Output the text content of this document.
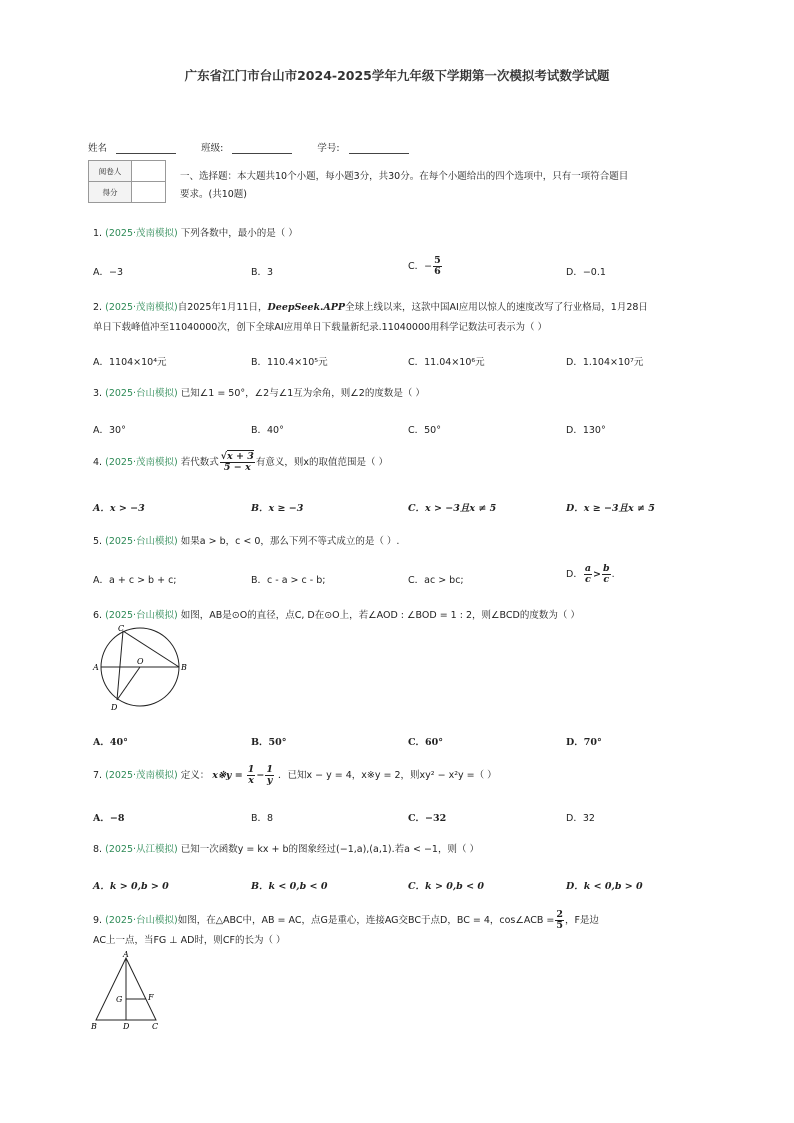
广东省江门市台山市2024-2025学年九年级下学期第一次模拟考试数学试题
姓名	班级:	学号:
阅卷人	
得分	
一、选择题：本大题共10个小题，每小题3分，共30分。在每个小题给出的四个选项中，只有一项符合题目要求。(共10题)
1. (2025·茂南模拟) 下列各数中，最小的是（ ）
A．−3	B．3
C．− $\frac{5}{6}$	D．−0.1
2. (2025·茂南模拟)自2025年1月11日，DeepSeek.APP全球上线以来，这款中国AI应用以惊人的速度改写了行业格局，1月28日
单日下载峰值冲至11040000次，创下全球AI应用单日下载量新纪录.11040000用科学记数法可表示为（ ）
A．1104×10⁴元	B．110.4×10⁵元	C．11.04×10⁶元	D．1.104×10⁷元
3. (2025·台山模拟) 已知∠1 = 50°，∠2与∠1互为余角，则∠2的度数是（ ）
A．30°	B．40°	C．50°	D．130°
4. (2025·茂南模拟) 若代数式 $\frac{√x + 3}{5 - x}$ 有意义，则x的取值范围是（ ）
A．x > −3	B．x ≥ −3	C．x > −3且x ≠ 5	D．x ≥ −3且x ≠ 5
5. (2025·台山模拟) 如果a > b，c < 0，那么下列不等式成立的是（ ）.
A．a + c > b + c;	B．c - a > c - b;	C．ac > bc;
D． $\frac{a}{c} > \frac{b}{c}$ .
6. (2025·台山模拟) 如图，AB是⊙O的直径，点C, D在⊙O上，若∠AOD : ∠BOD = 1 : 2，则∠BCD的度数为（ ）
C
A	B
O
D
A．40°	B．50°	C．60°	D．70°
7. (2025·茂南模拟) 定义： x※y = $\frac{1}{x} - \frac{1}{y}$ ．已知x − y = 4，x※y = 2，则xy² − x²y =（ ）
A．−8	B．8	C．−32	D．32
8. (2025·从江模拟) 已知一次函数y = kx + b的图象经过(−1,a),(a,1).若a < −1，则（ ）
A．k > 0,b > 0	B．k < 0,b < 0	C．k > 0,b < 0	D．k < 0,b > 0
9. (2025·台山模拟)如图，在△ABC中，AB = AC，点G是重心，连接AG交BC于点D，BC = 4，cos∠ACB = $\frac{2}{5}$ ，F是边
AC上一点，当FG ⊥ AD时，则CF的长为（ ）
A
G	F
B	D	C
